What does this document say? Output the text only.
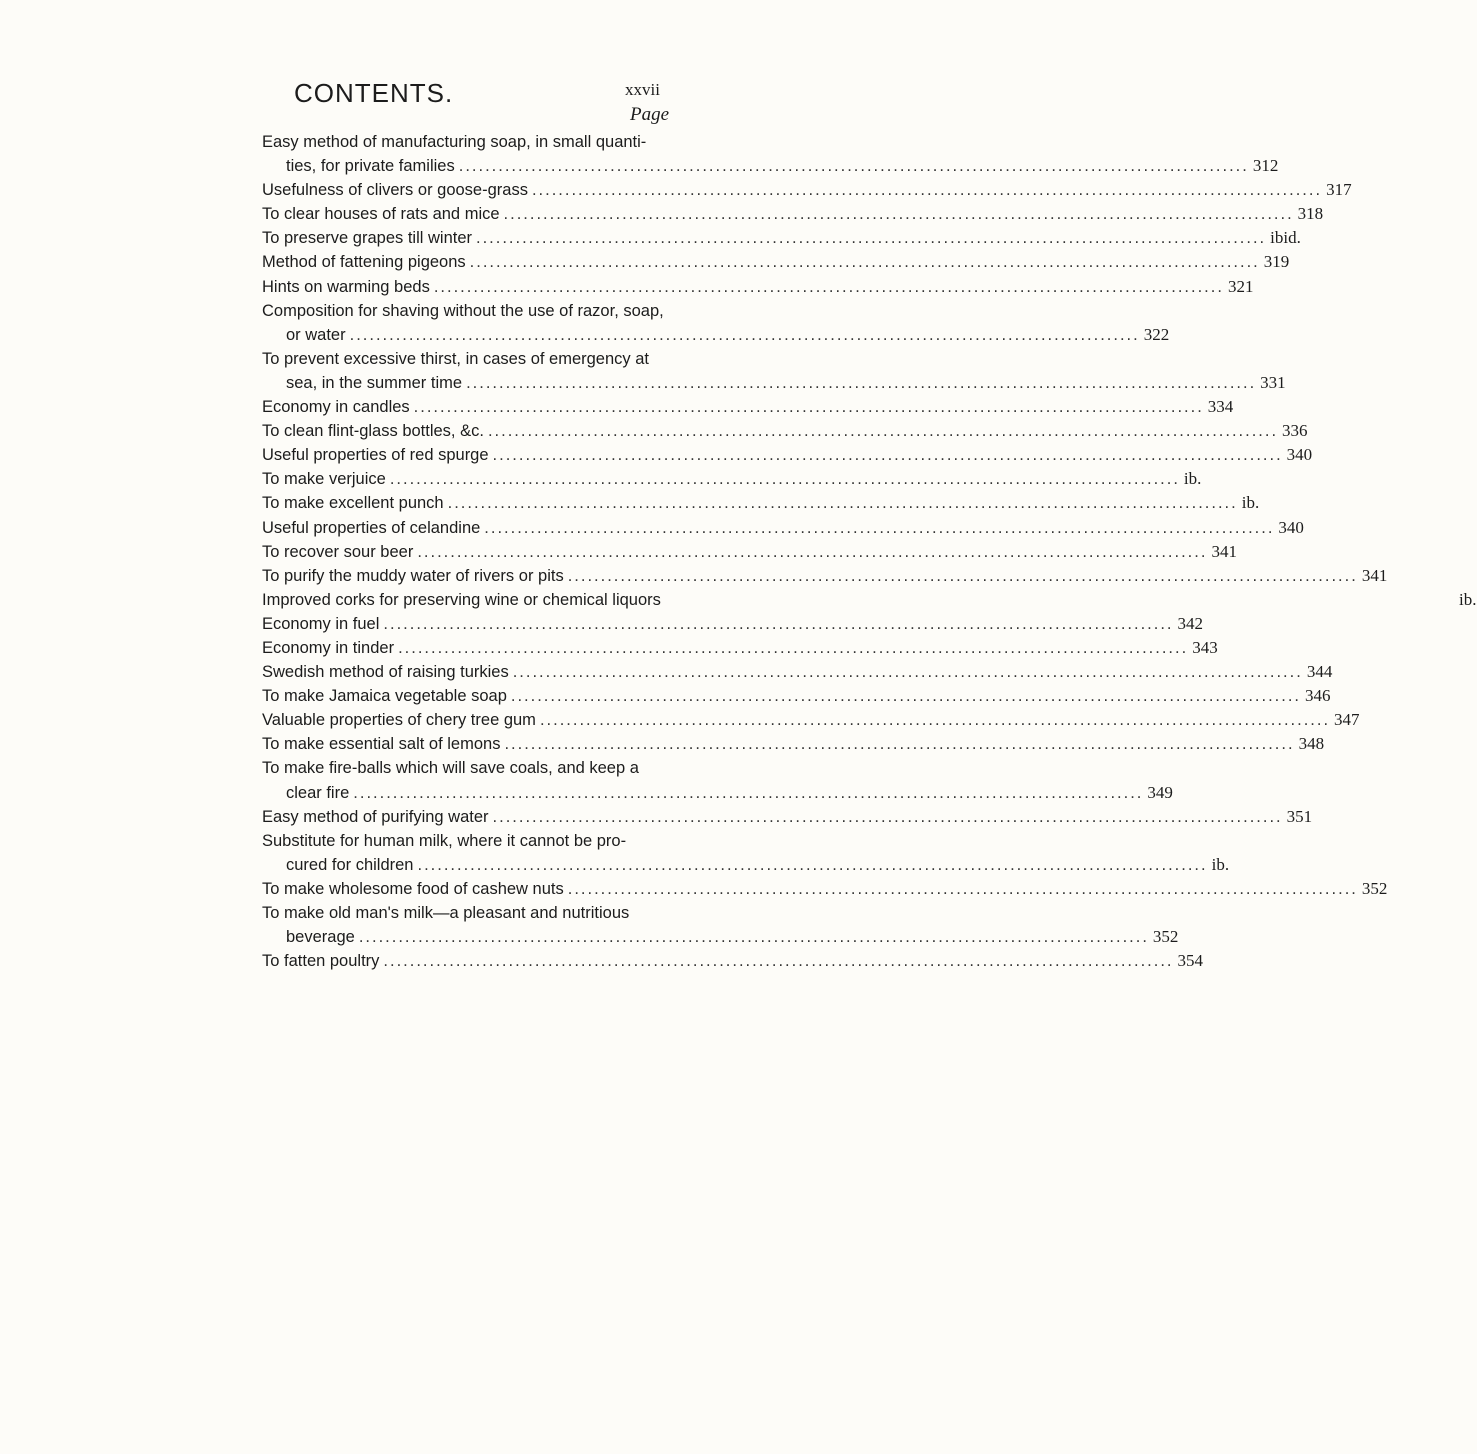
CONTENTS.	xxvii
Page
Easy method of manufacturing soap, in small quanti-
ties, for private families .....	312
Usefulness of clivers or goose-grass .....	317
To clear houses of rats and mice .....	318
To preserve grapes till winter .....	ibid.
Method of fattening pigeons .....	319
Hints on warming beds .....	321
Composition for shaving without the use of razor, soap,
or water .....	322
To prevent excessive thirst, in cases of emergency at
sea, in the summer time .....	331
Economy in candles .....	334
To clean flint-glass bottles, &c. .....	336
Useful properties of red spurge .....	340
To make verjuice .....	ib.
To make excellent punch .....	ib.
Useful properties of celandine .....	340
To recover sour beer .....	341
To purify the muddy water of rivers or pits .....	341
Improved corks for preserving wine or chemical liquors	ib.
Economy in fuel .....	342
Economy in tinder .....	343
Swedish method of raising turkies .....	344
To make Jamaica vegetable soap .....	346
Valuable properties of chery tree gum .....	347
To make essential salt of lemons .....	348
To make fire-balls which will save coals, and keep a
clear fire .....	349
Easy method of purifying water .....	351
Substitute for human milk, where it cannot be pro-
cured for children .....	ib.
To make wholesome food of cashew nuts .....	352
To make old man's milk—a pleasant and nutritious
beverage .....	352
To fatten poultry .....	354
